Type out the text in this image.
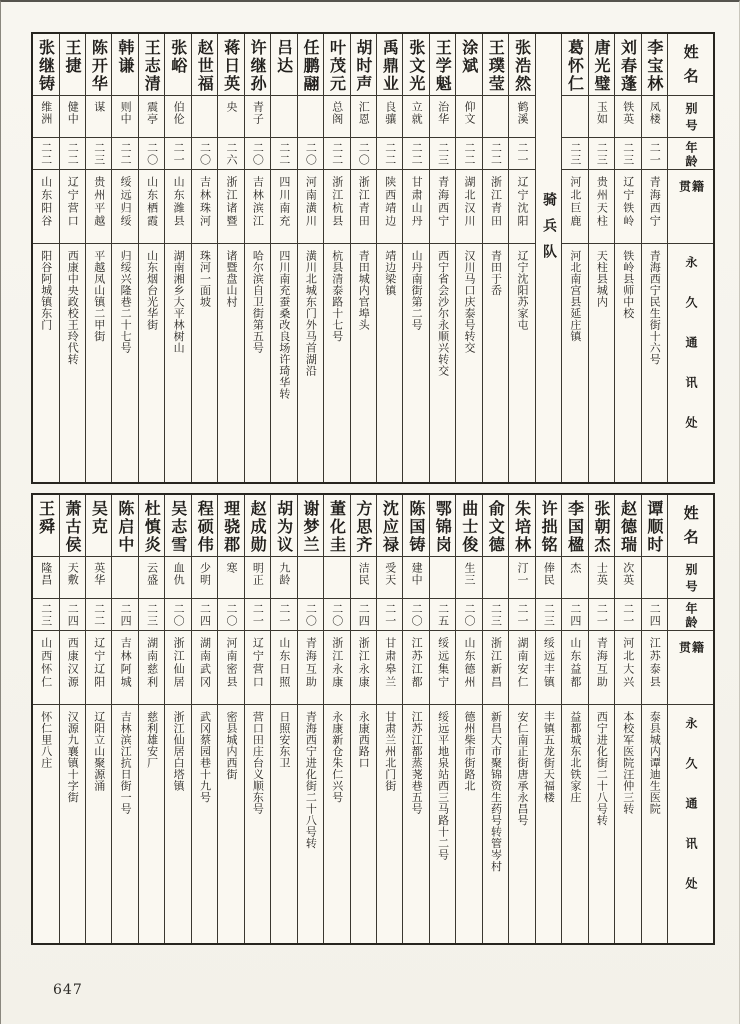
姓名
别号
年龄
籍贯
永久通讯处
李宝林
凤楼
二一
青海西宁
青海西宁民生街十六号
刘春蓬
铁英
二三
辽宁铁岭
铁岭县师中校
唐光璧
玉如
二三
贵州天柱
天柱县城内
葛怀仁
二三
河北巨鹿
河北南宫县延庄镇
骑兵队
张浩然
鹤溪
二一
辽宁沈阳
辽宁沈阳苏家屯
王璞莹
二二
浙江青田
青田于岙
涂斌
仰文
二二
湖北汉川
汉川马口庆泰号转交
王学魁
治华
二三
青海西宁
西宁省会沙尔永顺兴转交
张文光
立就
二二
甘肃山丹
山丹南街第二号
禹鼎业
良骧
二二
陕西靖边
靖边梁镇
胡时声
汇恩
二〇
浙江青田
青田城内官埠头
叶茂元
总阁
二二
浙江杭县
杭县清泰路十七号
任鹏翮
二〇
河南潢川
潢川北城东门外马首湖沿
吕达
二二
四川南充
四川南充蚕桑改良场许琦华转
许继孙
青子
二〇
吉林滨江
哈尔滨自卫街第五号
蒋日英
央
二六
浙江诸暨
诸暨盘山村
赵世福
二〇
吉林珠河
珠河一面坡
张峪
伯伦
二一
山东潍县
湖南湘乡大平林树山
王志清
震亭
二〇
山东栖霞
山东烟台光华街
韩谦
则中
二二
绥远归绥
归绥兴隆巷二十七号
陈开华
谋
二三
贵州平越
平越凤山镇二甲街
王捷
健中
二二
辽宁营口
西康中央政校王玲代转
张继铸
维洲
二二
山东阳谷
阳谷阿城镇东门
姓名
别号
年龄
籍贯
永久通讯处
谭顺时
二四
江苏泰县
泰县城内谭迪生医院
赵德瑞
次英
二一
河北大兴
本校军医院汪仲三转
张朝杰
士英
二一
青海互助
西宁进化街二十八号转
李国楹
杰
二四
山东益都
益都城东北铁家庄
许拙铭
俸民
二三
绥远丰镇
丰镇五龙街天福楼
朱培林
汀一
二一
湖南安仁
安仁南正街唐承永昌号
俞文德
二三
浙江新昌
新昌大市聚锦资生药号转管岑村
曲士俊
生三
二〇
山东德州
德州柴市街路北
鄂锦岗
二五
绥远集宁
绥远平地泉站西三马路十二号
陈国铸
建中
二〇
江苏江都
江苏江都蒸荛巷五号
沈应禄
受天
二一
甘肃皋兰
甘肃兰州北门街
方思齐
洁民
二四
浙江永康
永康西路口
董化圭
二〇
浙江永康
永康新仓朱仁兴号
谢梦兰
二〇
青海互助
青海西宁进化街二十八号转
胡为议
九龄
二一
山东日照
日照安东卫
赵成勋
明正
二一
辽宁营口
营口田庄台义顺东号
理骁郡
寒
二〇
河南密县
密县城内西街
程硕伟
少明
二四
湖南武冈
武冈蔡园巷十九号
吴志雪
血仇
二〇
浙江仙居
浙江仙居白塔镇
杜慎炎
云盛
二三
湖南慈利
慈利雄安厂
陈启中
二四
吉林阿城
吉林滨江抗日街一号
吴克
英华
二二
辽宁辽阳
辽阳立山聚源涌
萧古侯
天敷
二四
西康汉源
汉源九襄镇十字街
王舜
隆昌
二三
山西怀仁
怀仁里八庄
647
